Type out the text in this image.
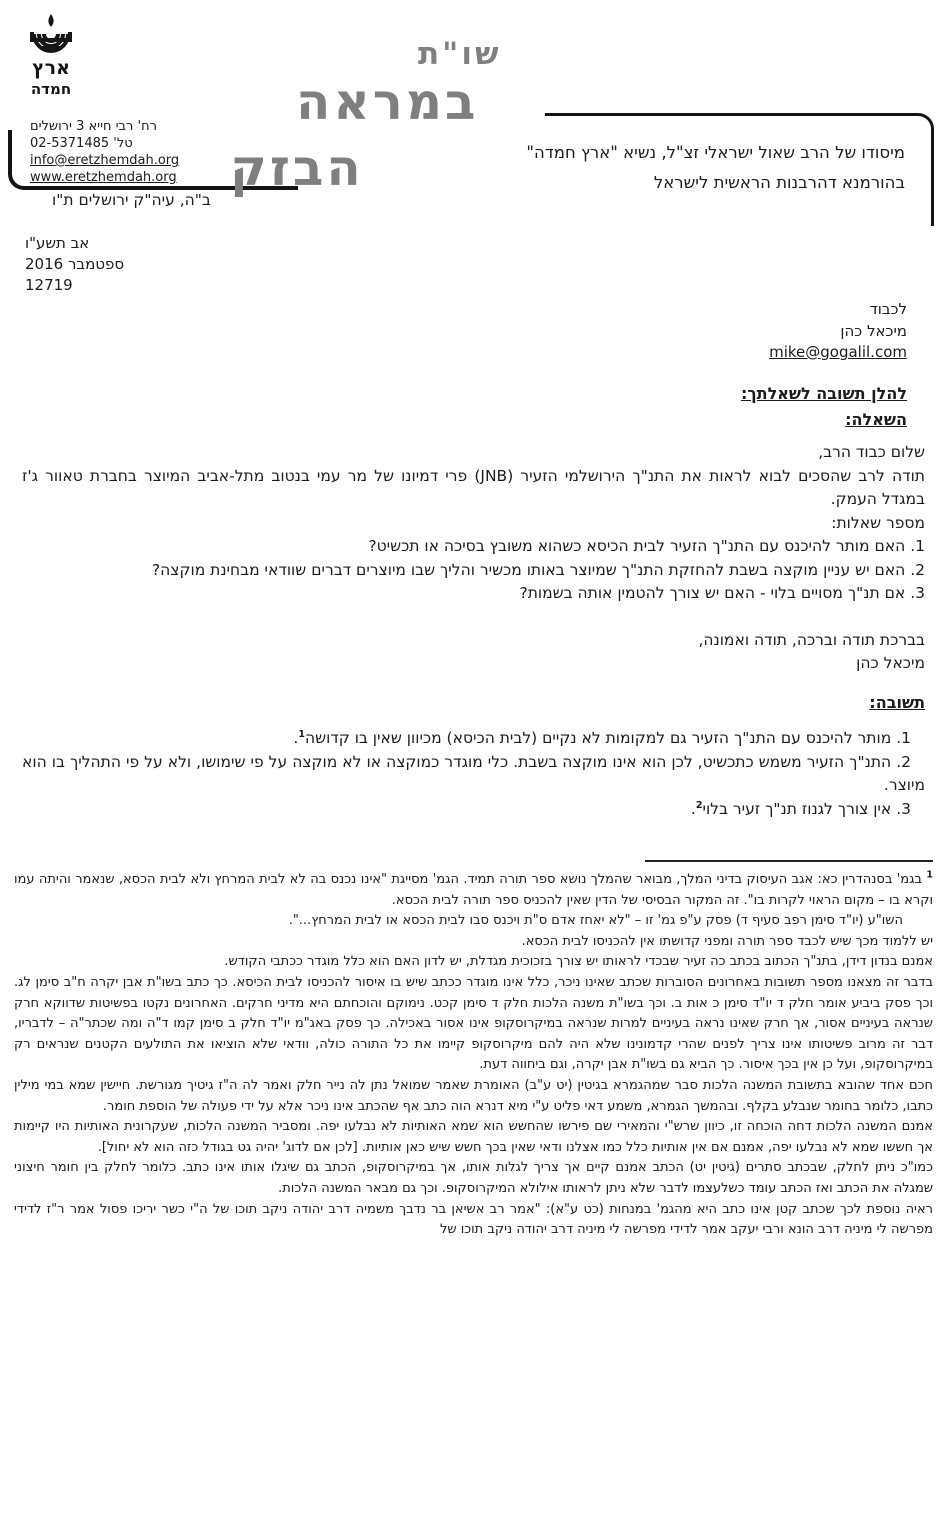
ארץ
חמדה
רח' רבי חייא 3 ירושלים
טל' 02-5371485
info@eretzhemdah.org
www.eretzhemdah.org
ב"ה, עיה"ק ירושלים ת"ו
שו"ת
במראה
הבזק	מיסודו של הרב שאול ישראלי זצ"ל, נשיא "ארץ חמדה"
בהורמנא דהרבנות הראשית לישראל
אב תשע"ו
ספטמבר 2016
12719
לכבוד
מיכאל כהן
mike@gogalil.com
להלן תשובה לשאלתך:
השאלה:
שלום כבוד הרב,

תודה לרב שהסכים לבוא לראות את התנ"ך הירושלמי הזעיר (JNB) פרי דמיונו של מר עמי בנטוב מתל-אביב המיוצר בחברת טאוור ג'ז במגדל העמק.

מספר שאלות:
1. האם מותר להיכנס עם התנ"ך הזעיר לבית הכיסא כשהוא משובץ בסיכה או תכשיט?
2. האם יש עניין מוקצה בשבת להחזקת התנ"ך שמיוצר באותו מכשיר והליך שבו מיוצרים דברים שוודאי מבחינת מוקצה?
3. אם תנ"ך מסויים בלוי - האם יש צורך להטמין אותה בשמות?
בברכת תודה וברכה, תודה ואמונה,
מיכאל כהן
תשובה:
1. מותר להיכנס עם התנ"ך הזעיר גם למקומות לא נקיים (לבית הכיסא) מכיוון שאין בו קדושה$^1$.
2. התנ"ך הזעיר משמש כתכשיט, לכן הוא אינו מוקצה בשבת. כלי מוגדר כמוקצה או לא מוקצה על פי שימושו, ולא על פי התהליך בו הוא מיוצר.
3. אין צורך לגנוז תנ"ך זעיר בלוי$^2$.

$^1$ בגמ' בסנהדרין כא: אגב העיסוק בדיני המלך, מבואר שהמלך נושא ספר תורה תמיד. הגמ' מסייגת "אינו נכנס בה לא לבית המרחץ ולא לבית הכסא, שנאמר והיתה עמו וקרא בו – מקום הראוי לקרות בו". זה המקור הבסיסי של הדין שאין להכניס ספר תורה לבית הכסא.

השו"ע (יו"ד סימן רפב סעיף ד) פסק ע"פ גמ' זו – "לא יאחז אדם ס"ת ויכנס סבו לבית הכסא או לבית המרחץ...".

יש ללמוד מכך שיש לכבד ספר תורה ומפני קדושתו אין להכניסו לבית הכסא.

אמנם בנדון דידן, בתנ"ך הכתוב בכתב כה זעיר שבכדי לראותו יש צורך בזכוכית מגדלת, יש לדון האם הוא כלל מוגדר ככתבי הקודש.

בדבר זה מצאנו מספר תשובות באחרונים הסוברות שכתב שאינו ניכר, כלל אינו מוגדר ככתב שיש בו איסור להכניסו לבית הכיסא. כך כתב בשו"ת אבן יקרה ח"ב סימן לג. וכך פסק ביביע אומר חלק ד יו"ד סימן כ אות ב. וכך בשו"ת משנה הלכות חלק ד סימן קכט. נימוקם והוכחתם היא מדיני חרקים. האחרונים נקטו בפשיטות שדווקא חרק שנראה בעיניים אסור, אך חרק שאינו נראה בעיניים למרות שנראה במיקרוסקופ אינו אסור באכילה. כך פסק באג"מ יו"ד חלק ב סימן קמו ד"ה ומה שכתר"ה – לדבריו, דבר זה מרוב פשיטותו אינו צריך לפנים שהרי קדמונינו שלא היה להם מיקרוסקופ קיימו את כל התורה כולה, וודאי שלא הוציאו את התולעים הקטנים שנראים רק במיקרוסקופ, ועל כן אין בכך איסור. כך הביא גם בשו"ת אבן יקרה, וגם ביחווה דעת.

חכם אחד שהובא בתשובת המשנה הלכות סבר שמהגמרא בגיטין (יט ע"ב) האומרת שאמר שמואל נתן לה נייר חלק ואמר לה ה"ז גיטיך מגורשת. חיישין שמא במי מילין כתבו, כלומר בחומר שנבלע בקלף. ובהמשך הגמרא, משמע דאי פליט ע"י מיא דנרא הוה כתב אף שהכתב אינו ניכר אלא על ידי פעולה של הוספת חומר.

אמנם המשנה הלכות דחה הוכחה זו, כיוון שרש"י והמאירי שם פירשו שהחשש הוא שמא האותיות לא נבלעו יפה. ומסביר המשנה הלכות, שעקרונית האותיות היו קיימות אך חששו שמא לא נבלעו יפה, אמנם אם אין אותיות כלל כמו אצלנו ודאי שאין בכך חשש שיש כאן אותיות. [לכן אם לדוג' יהיה גט בגודל כזה הוא לא יחול].

כמו"כ ניתן לחלק, שבכתב סתרים (גיטין יט) הכתב אמנם קיים אך צריך לגלות אותו, אך במיקרוסקופ, הכתב גם שיגלו אותו אינו כתב. כלומר לחלק בין חומר חיצוני שמגלה את הכתב ואז הכתב עומד כשלעצמו לדבר שלא ניתן לראותו אילולא המיקרוסקופ. וכך גם מבאר המשנה הלכות.

ראיה נוספת לכך שכתב קטן אינו כתב היא מהגמ' במנחות (כט ע"א): "אמר רב אשיאן בר נדבך משמיה דרב יהודה ניקב תוכו של ה"י כשר יריכו פסול אמר ר"ז לדידי מפרשה לי מיניה דרב הונא ורבי יעקב אמר לדידי מפרשה לי מיניה דרב יהודה ניקב תוכו של
